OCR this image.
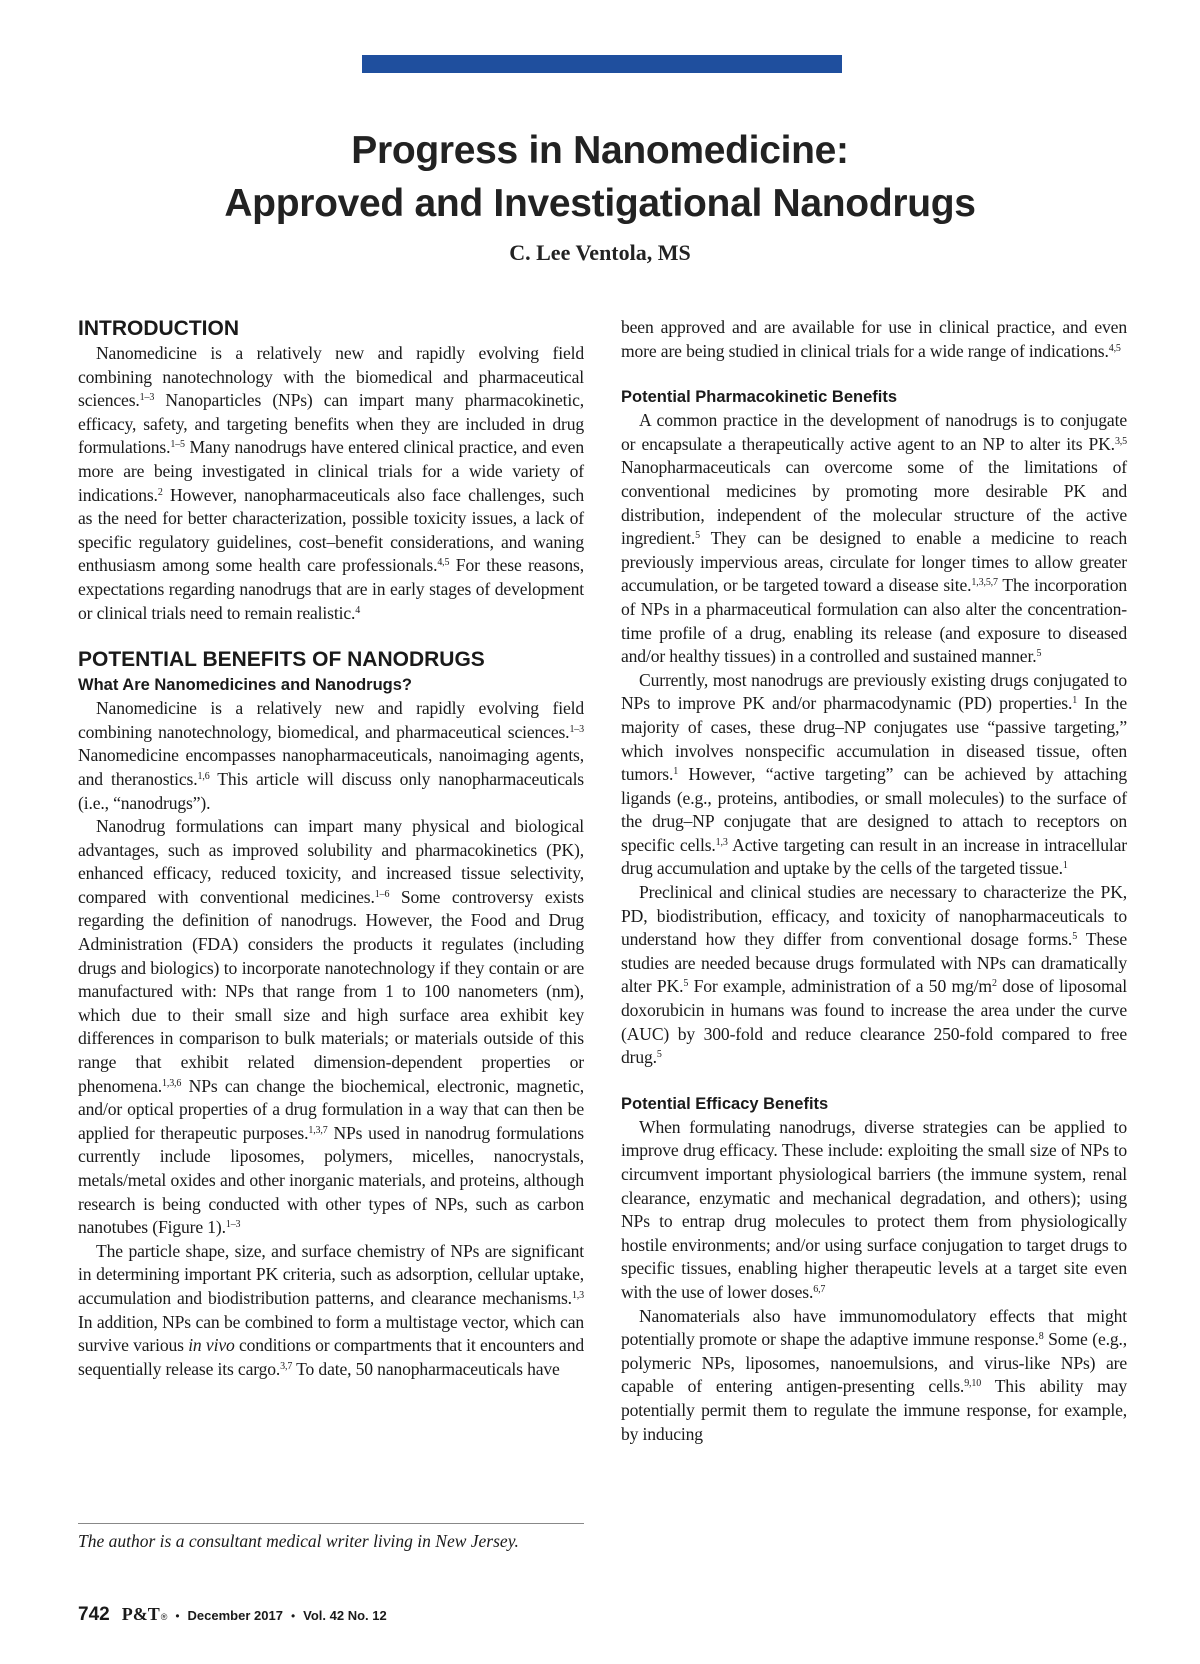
Progress in Nanomedicine:
Approved and Investigational Nanodrugs
C. Lee Ventola, MS
INTRODUCTION

Nanomedicine is a relatively new and rapidly evolving field combining nanotechnology with the biomedical and pharmaceutical sciences.$^{1-3}$ Nanoparticles (NPs) can impart many pharmacokinetic, efficacy, safety, and targeting benefits when they are included in drug formulations.$^{1-5}$ Many nanodrugs have entered clinical practice, and even more are being investigated in clinical trials for a wide variety of indications.$^2$ However, nanopharmaceuticals also face challenges, such as the need for better characterization, possible toxicity issues, a lack of specific regulatory guidelines, cost–benefit considerations, and waning enthusiasm among some health care professionals.$^{4,5}$ For these reasons, expectations regarding nanodrugs that are in early stages of development or clinical trials need to remain realistic.$^4$

POTENTIAL BENEFITS OF NANODRUGS
What Are Nanomedicines and Nanodrugs?

Nanomedicine is a relatively new and rapidly evolving field combining nanotechnology, biomedical, and pharmaceutical sciences.$^{1-3}$ Nanomedicine encompasses nanopharmaceuticals, nanoimaging agents, and theranostics.$^{1,6}$ This article will discuss only nanopharmaceuticals (i.e., “nanodrugs”).

Nanodrug formulations can impart many physical and biological advantages, such as improved solubility and pharmacokinetics (PK), enhanced efficacy, reduced toxicity, and increased tissue selectivity, compared with conventional medicines.$^{1-6}$ Some controversy exists regarding the definition of nanodrugs. However, the Food and Drug Administration (FDA) considers the products it regulates (including drugs and biologics) to incorporate nanotechnology if they contain or are manufactured with: NPs that range from 1 to 100 nanometers (nm), which due to their small size and high surface area exhibit key differences in comparison to bulk materials; or materials outside of this range that exhibit related dimension-dependent properties or phenomena.$^{1,3,6}$ NPs can change the biochemical, electronic, magnetic, and/or optical properties of a drug formulation in a way that can then be applied for therapeutic purposes.$^{1,3,7}$ NPs used in nanodrug formulations currently include liposomes, polymers, micelles, nanocrystals, metals/metal oxides and other inorganic materials, and proteins, although research is being conducted with other types of NPs, such as carbon nanotubes (Figure 1).$^{1-3}$

The particle shape, size, and surface chemistry of NPs are significant in determining important PK criteria, such as adsorption, cellular uptake, accumulation and biodistribution patterns, and clearance mechanisms.$^{1,3}$ In addition, NPs can be combined to form a multistage vector, which can survive various in vivo conditions or compartments that it encounters and sequentially release its cargo.$^{3,7}$ To date, 50 nanopharmaceuticals have

been approved and are available for use in clinical practice, and even more are being studied in clinical trials for a wide range of indications.$^{4,5}$

Potential Pharmacokinetic Benefits

A common practice in the development of nanodrugs is to conjugate or encapsulate a therapeutically active agent to an NP to alter its PK.$^{3,5}$ Nanopharmaceuticals can overcome some of the limitations of conventional medicines by promoting more desirable PK and distribution, independent of the molecular structure of the active ingredient.$^5$ They can be designed to enable a medicine to reach previously impervious areas, circulate for longer times to allow greater accumulation, or be targeted toward a disease site.$^{1,3,5,7}$ The incorporation of NPs in a pharmaceutical formulation can also alter the concentration-time profile of a drug, enabling its release (and exposure to diseased and/or healthy tissues) in a controlled and sustained manner.$^5$

Currently, most nanodrugs are previously existing drugs conjugated to NPs to improve PK and/or pharmacodynamic (PD) properties.$^1$ In the majority of cases, these drug–NP conjugates use “passive targeting,” which involves nonspecific accumulation in diseased tissue, often tumors.$^1$ However, “active targeting” can be achieved by attaching ligands (e.g., proteins, antibodies, or small molecules) to the surface of the drug–NP conjugate that are designed to attach to receptors on specific cells.$^{1,3}$ Active targeting can result in an increase in intracellular drug accumulation and uptake by the cells of the targeted tissue.$^1$

Preclinical and clinical studies are necessary to characterize the PK, PD, biodistribution, efficacy, and toxicity of nanopharmaceuticals to understand how they differ from conventional dosage forms.$^5$ These studies are needed because drugs formulated with NPs can dramatically alter PK.$^5$ For example, administration of a 50 $mg/m^2$ dose of liposomal doxorubicin in humans was found to increase the area under the curve (AUC) by 300-fold and reduce clearance 250-fold compared to free drug.$^5$

Potential Efficacy Benefits

When formulating nanodrugs, diverse strategies can be applied to improve drug efficacy. These include: exploiting the small size of NPs to circumvent important physiological barriers (the immune system, renal clearance, enzymatic and mechanical degradation, and others); using NPs to entrap drug molecules to protect them from physiologically hostile environments; and/or using surface conjugation to target drugs to specific tissues, enabling higher therapeutic levels at a target site even with the use of lower doses.$^{6,7}$

Nanomaterials also have immunomodulatory effects that might potentially promote or shape the adaptive immune response.$^8$ Some (e.g., polymeric NPs, liposomes, nanoemulsions, and virus-like NPs) are capable of entering antigen-presenting cells.$^{9,10}$ This ability may potentially permit them to regulate the immune response, for example, by inducing

The author is a consultant medical writer living in New Jersey.
742 P&T ® • December 2017 • Vol. 42 No. 12
